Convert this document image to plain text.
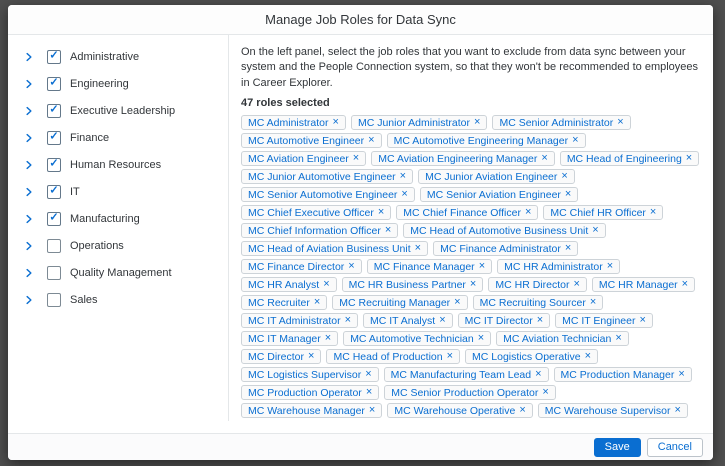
Manage Job Roles for Data Sync
✓ Administrative
✓ Engineering
✓ Executive Leadership
✓ Finance
✓ Human Resources
✓ IT
✓ Manufacturing
Operations
Quality Management
Sales
On the left panel, select the job roles that you want to exclude from data sync between your system and the People Connection system, so that they won't be recommended to employees in Career Explorer.
47 roles selected
MC Administrator × MC Junior Administrator × MC Senior Administrator ×
MC Automotive Engineer × MC Automotive Engineering Manager ×
MC Aviation Engineer × MC Aviation Engineering Manager × MC Head of Engineering ×
MC Junior Automotive Engineer × MC Junior Aviation Engineer ×
MC Senior Automotive Engineer × MC Senior Aviation Engineer ×
MC Chief Executive Officer × MC Chief Finance Officer × MC Chief HR Officer ×
MC Chief Information Officer × MC Head of Automotive Business Unit ×
MC Head of Aviation Business Unit × MC Finance Administrator ×
MC Finance Director × MC Finance Manager × MC HR Administrator ×
MC HR Analyst × MC HR Business Partner × MC HR Director × MC HR Manager ×
MC Recruiter × MC Recruiting Manager × MC Recruiting Sourcer ×
MC IT Administrator × MC IT Analyst × MC IT Director × MC IT Engineer ×
MC IT Manager × MC Automotive Technician × MC Aviation Technician ×
MC Director × MC Head of Production × MC Logistics Operative ×
MC Logistics Supervisor × MC Manufacturing Team Lead × MC Production Manager ×
MC Production Operator × MC Senior Production Operator ×
MC Warehouse Manager × MC Warehouse Operative × MC Warehouse Supervisor ×
Save	Cancel
